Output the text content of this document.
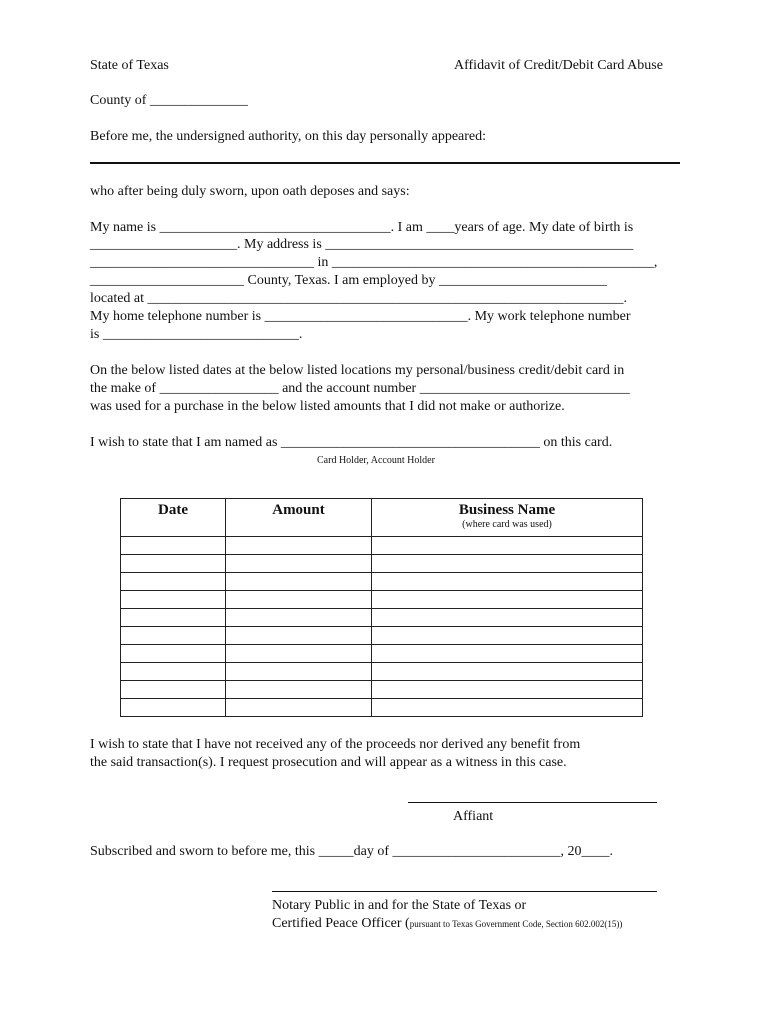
State of Texas	Affidavit of Credit/Debit Card Abuse
County of ______________
Before me, the undersigned authority, on this day personally appeared:
who after being duly sworn, upon oath deposes and says:
My name is _________________________________. I am ____years of age. My date of birth is
_____________________. My address is ____________________________________________
________________________________ in ______________________________________________,
______________________ County, Texas. I am employed by ________________________
located at ____________________________________________________________________.
My home telephone number is _____________________________. My work telephone number
is ____________________________.
On the below listed dates at the below listed locations my personal/business credit/debit card in
the make of _________________ and the account number ______________________________
was used for a purchase in the below listed amounts that I did not make or authorize.
I wish to state that I am named as _____________________________________ on this card.
Card Holder, Account Holder
Date	Amount	Business Name
(where card was used)

I wish to state that I have not received any of the proceeds nor derived any benefit from
the said transaction(s). I request prosecution and will appear as a witness in this case.
Affiant
Subscribed and sworn to before me, this _____day of ________________________, 20____.
Notary Public in and for the State of Texas or
Certified Peace Officer (pursuant to Texas Government Code, Section 602.002(15))
